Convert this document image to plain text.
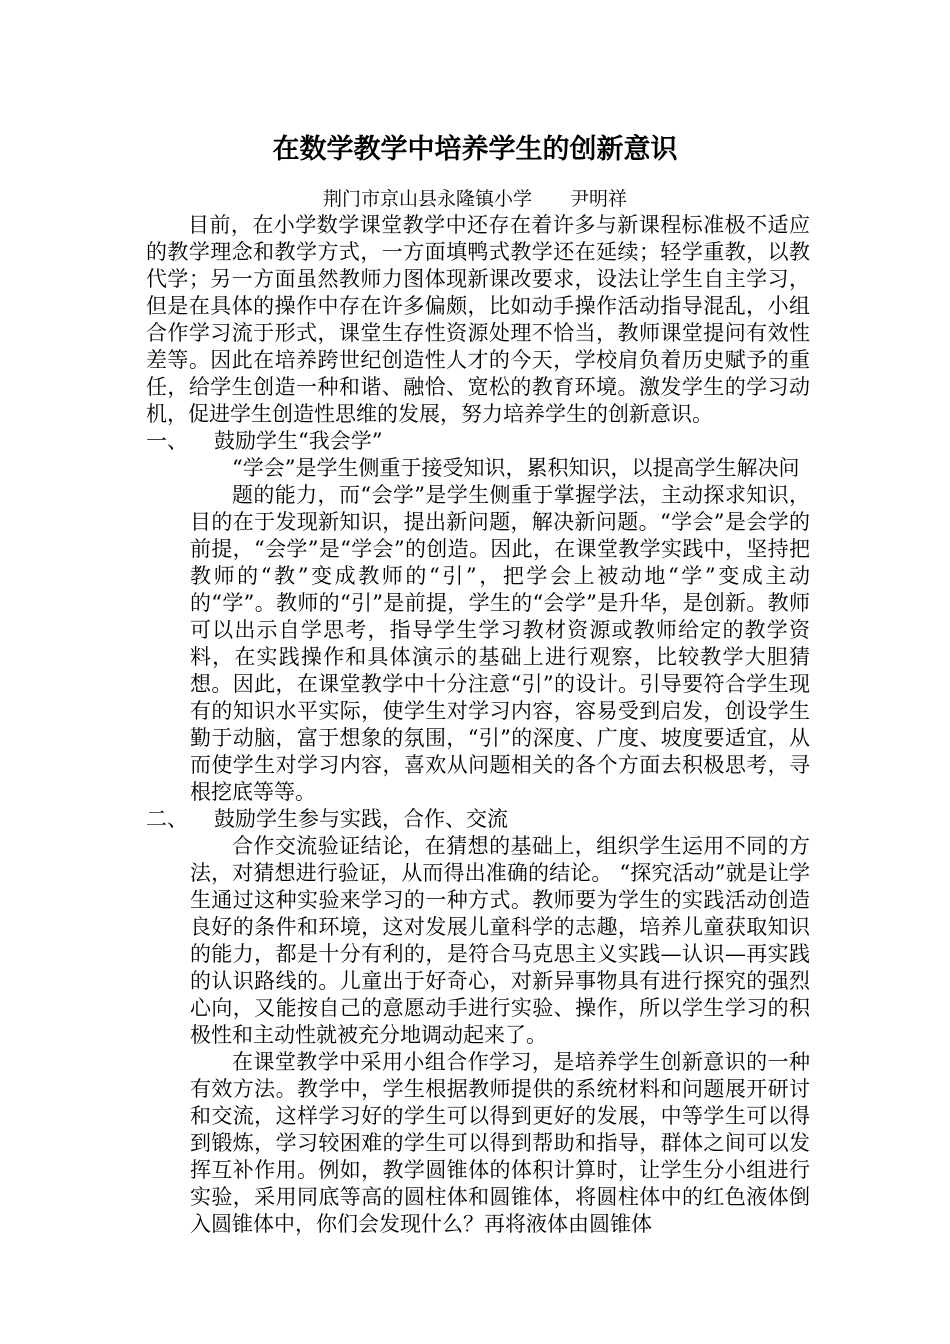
在数学教学中培养学生的创新意识
荆门市京山县永隆镇小学 尹明祥

目前，在小学数学课堂教学中还存在着许多与新课程标准极不适应的教学理念和教学方式，一方面填鸭式教学还在延续；轻学重教，以教代学；另一方面虽然教师力图体现新课改要求，设法让学生自主学习，但是在具体的操作中存在许多偏颇，比如动手操作活动指导混乱，小组合作学习流于形式，课堂生存性资源处理不恰当，教师课堂提问有效性差等。因此在培养跨世纪创造性人才的今天，学校肩负着历史赋予的重任，给学生创造一种和谐、融恰、宽松的教育环境。激发学生的学习动机，促进学生创造性思维的发展，努力培养学生的创新意识。

一、 鼓励学生“我会学”

“学会”是学生侧重于接受知识，累积知识，以提高学生解决问

题的能力，而“会学”是学生侧重于掌握学法，主动探求知识，目的在于发现新知识，提出新问题，解决新问题。“学会”是会学的前提，“会学”是“学会”的创造。因此，在课堂教学实践中，坚持把教师的“教”变成教师的“引”，把学会上被动地“学”变成主动的“学”。教师的“引”是前提，学生的“会学”是升华，是创新。教师可以出示自学思考，指导学生学习教材资源或教师给定的教学资料，在实践操作和具体演示的基础上进行观察，比较教学大胆猜想。因此，在课堂教学中十分注意“引”的设计。引导要符合学生现有的知识水平实际，使学生对学习内容，容易受到启发，创设学生勤于动脑，富于想象的氛围，“引”的深度、广度、坡度要适宜，从而使学生对学习内容，喜欢从问题相关的各个方面去积极思考，寻根挖底等等。

二、 鼓励学生参与实践，合作、交流

合作交流验证结论，在猜想的基础上，组织学生运用不同的方法，对猜想进行验证，从而得出准确的结论。 “探究活动”就是让学生通过这种实验来学习的一种方式。教师要为学生的实践活动创造良好的条件和环境，这对发展儿童科学的志趣，培养儿童获取知识的能力，都是十分有利的，是符合马克思主义实践—认识—再实践的认识路线的。儿童出于好奇心，对新异事物具有进行探究的强烈心向，又能按自己的意愿动手进行实验、操作，所以学生学习的积极性和主动性就被充分地调动起来了。

在课堂教学中采用小组合作学习，是培养学生创新意识的一种有效方法。教学中，学生根据教师提供的系统材料和问题展开研讨和交流，这样学习好的学生可以得到更好的发展，中等学生可以得到锻炼，学习较困难的学生可以得到帮助和指导，群体之间可以发挥互补作用。例如，教学圆锥体的体积计算时，让学生分小组进行实验，采用同底等高的圆柱体和圆锥体，将圆柱体中的红色液体倒入圆锥体中，你们会发现什么？再将液体由圆锥体
